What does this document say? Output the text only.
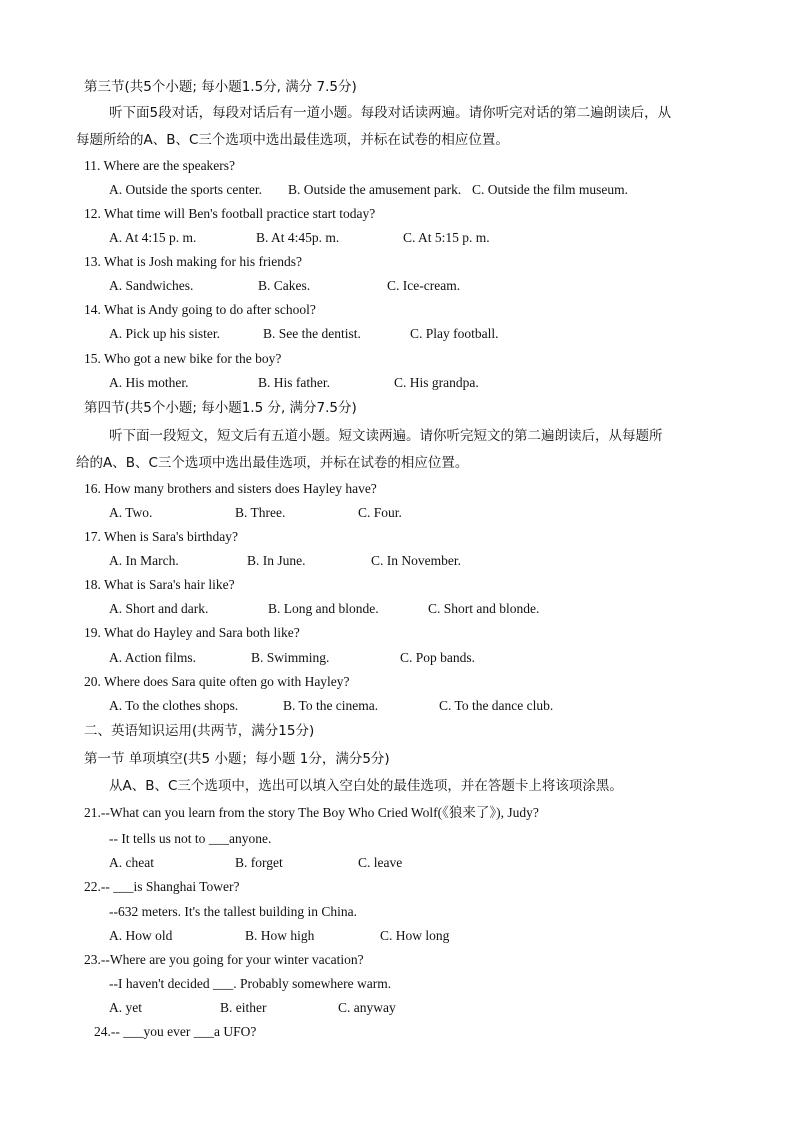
第三节(共5个小题; 每小题1.5分, 满分 7.5分)
听下面5段对话，每段对话后有一道小题。每段对话读两遍。请你听完对话的第二遍朗读后，从
每题所给的A、B、C三个选项中选出最佳选项，并标在试卷的相应位置。
11. Where are the speakers?
A. Outside the sports center. B. Outside the amusement park. C. Outside the film museum.
12. What time will Ben's football practice start today?
A. At 4:15 p. m.	B. At 4:45p. m.	C. At 5:15 p. m.
13. What is Josh making for his friends?
A. Sandwiches.	B. Cakes.	C. Ice-cream.
14. What is Andy going to do after school?
A. Pick up his sister.	B. See the dentist.	C. Play football.
15. Who got a new bike for the boy?
A. His mother.	B. His father.	C. His grandpa.
第四节(共5个小题; 每小题1.5 分, 满分7.5分)
听下面一段短文，短文后有五道小题。短文读两遍。请你听完短文的第二遍朗读后，从每题所
给的A、B、C三个选项中选出最佳选项，并标在试卷的相应位置。
16. How many brothers and sisters does Hayley have?
A. Two.	B. Three.	C. Four.
17. When is Sara's birthday?
A. In March.	B. In June.	C. In November.
18. What is Sara's hair like?
A. Short and dark.	B. Long and blonde.	C. Short and blonde.
19. What do Hayley and Sara both like?
A. Action films.	B. Swimming.	C. Pop bands.
20. Where does Sara quite often go with Hayley?
A. To the clothes shops.	B. To the cinema.	C. To the dance club.
二、英语知识运用(共两节，满分15分)
第一节 单项填空(共5 小题；每小题 1分，满分5分)
从A、B、C三个选项中，选出可以填入空白处的最佳选项，并在答题卡上将该项涂黑。
21.--What can you learn from the story The Boy Who Cried Wolf(《狼来了》), Judy?
-- It tells us not to ___anyone.
A. cheat	B. forget	C. leave
22.-- ___is Shanghai Tower?
--632 meters. It's the tallest building in China.
A. How old	B. How high	C. How long
23.--Where are you going for your winter vacation?
--I haven't decided ___. Probably somewhere warm.
A. yet	B. either	C. anyway
24.-- ___you ever ___a UFO?
